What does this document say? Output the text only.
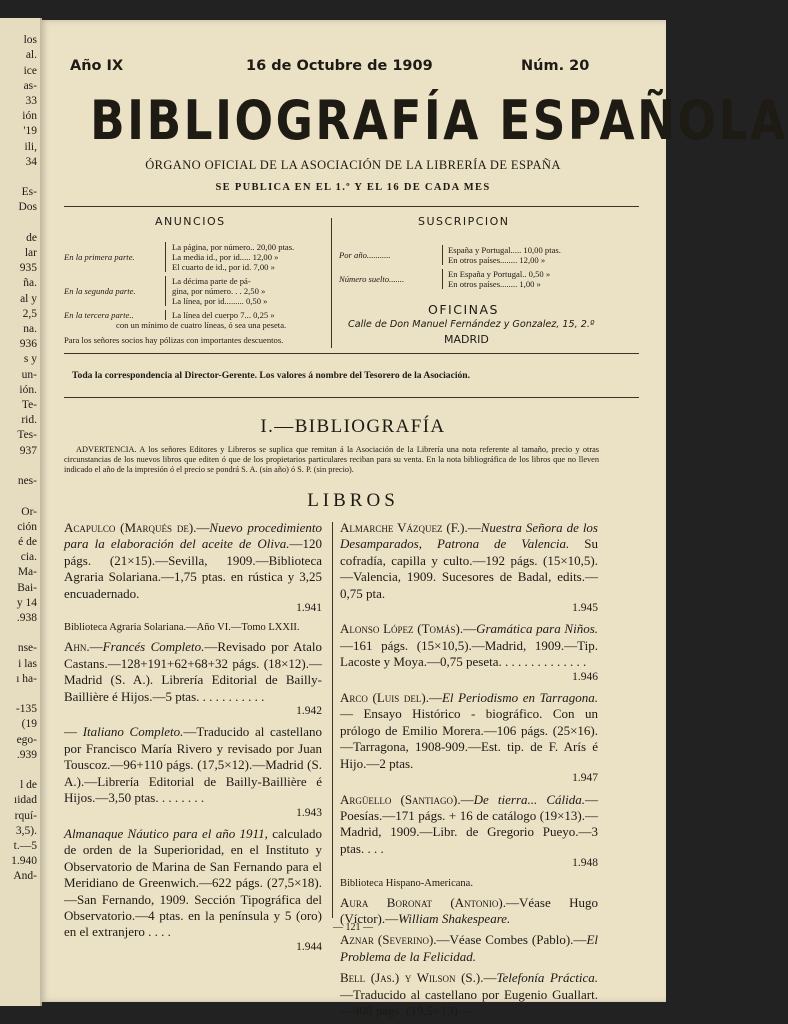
los
al.
ice
as-
33
ión
'19
ili,
34

Es-
Dos

de
lar
935
ña.
al y
2,5
na.
936
s y
un-
ión.
Te-
rid.
Tes-
937

nes-

Or-
ción
é de
cia.
Ma-
Bai-
y 14
.938

nse-
i las
ı ha-

-135
(19
ego-
.939

l de
ıidad
rquí-
3,5).
t.—5
1.940
And-
Año IX	16 de Octubre de 1909	Núm. 20
BIBLIOGRAFÍA ESPAÑOLA
ÓRGANO OFICIAL DE LA ASOCIACIÓN DE LA LIBRERÍA DE ESPAÑA
SE PUBLICA EN EL 1.º Y EL 16 DE CADA MES
ANUNCIOS
En la primera parte.
La página, por número.. 20,00 ptas.
La media id., por id..... 12,00 »
El cuarto de id., por id. 7,00 »
En la segunda parte.
La décima parte de pá-
gina, por número. . . 2,50 »
La línea, por id......... 0,50 »
En la tercera parte..	La línea del cuerpo 7... 0,25 »
con un mínimo de cuatro líneas, ó sea una peseta.
Para los señores socios hay pólizas con importantes descuentos.
SUSCRIPCION
Por año...........	España y Portugal..... 10,00 ptas.
En otros países........ 12,00 »
Número suelto.......	En España y Portugal.. 0,50 »
En otros países........ 1,00 »
OFICINAS
Calle de Don Manuel Fernández y Gonzalez, 15, 2.º
MADRID
Toda la correspondencia al Director-Gerente. Los valores á nombre del Tesorero de la Asociación.
I.—BIBLIOGRAFÍA
ADVERTENCIA. A los señores Editores y Libreros se suplica que remitan á la Asociación de la Librería una nota referente al tamaño, precio y otras circunstancias de los nuevos libros que editen ó que de los propietarios particulares reciban para su venta. En la nota bibliográfica de los libros que no lleven indicado el año de la impresión ó el precio se pondrá S. A. (sin año) ó S. P. (sin precio).
LIBROS
Acapulco (Marqués de).—Nuevo procedimiento para la elaboración del aceite de Oliva.—120 págs. (21×15).—Sevilla, 1909.—Biblioteca Agraria Solariana.—1,75 ptas. en rústica y 3,25 encuadernado.
1.941
Biblioteca Agraria Solariana.—Año VI.—Tomo LXXII.
Ahn.—Francés Completo.—Revisado por Atalo Castans.—128+191+62+68+32 págs. (18×12).—Madrid (S. A.). Librería Editorial de Bailly-Baillière é Hijos.—5 ptas. . . . . . . . . . .
1.942
— Italiano Completo.—Traducido al castellano por Francisco María Rivero y revisado por Juan Touscoz.—96+110 págs. (17,5×12).—Madrid (S. A.).—Librería Editorial de Bailly-Baillière é Hijos.—3,50 ptas. . . . . . . .
1.943
Almanaque Náutico para el año 1911, calculado de orden de la Superioridad, en el Instituto y Observatorio de Marina de San Fernando para el Meridiano de Greenwich.—622 págs. (27,5×18).—San Fernando, 1909. Sección Tipográfica del Observatorio.—4 ptas. en la península y 5 (oro) en el extranjero . . . .
1.944
Almarche Vázquez (F.).—Nuestra Señora de los Desamparados, Patrona de Valencia. Su cofradía, capilla y culto.—192 págs. (15×10,5).—Valencia, 1909. Sucesores de Badal, edits.—0,75 pta.
1.945
Alonso López (Tomás).—Gramática para Niños.—161 págs. (15×10,5).—Madrid, 1909.—Tip. Lacoste y Moya.—0,75 peseta. . . . . . . . . . . . . .
1.946
Arco (Luis del).—El Periodismo en Tarragona. — Ensayo Histórico - biográfico. Con un prólogo de Emilio Morera.—106 págs. (25×16).—Tarragona, 1908-909.—Est. tip. de F. Arís é Hijo.—2 ptas.
1.947
Argüello (Santiago).—De tierra... Cálida.—Poesías.—171 págs. + 16 de catálogo (19×13).—Madrid, 1909.—Libr. de Gregorio Pueyo.—3 ptas. . . .
1.948
Biblioteca Hispano-Americana.
Aura Boronat (Antonio).—Véase Hugo (Víctor).—William Shakespeare.
Aznar (Severino).—Véase Combes (Pablo).—El Problema de la Felicidad.
Bell (Jas.) y Wilson (S.).—Telefonía Práctica.—Traducido al castellano por Eugenio Guallart.—408 págs. (19,5×13).—
— 121 —
